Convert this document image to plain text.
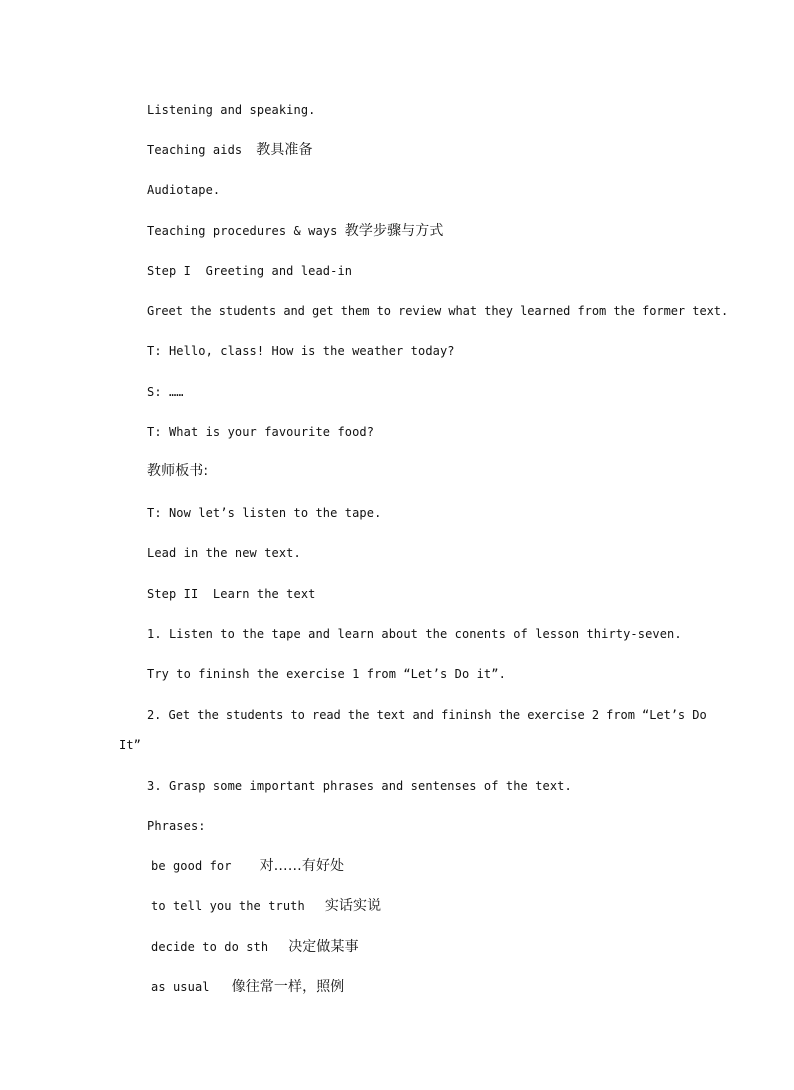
Listening and speaking.
Teaching aids 教具准备
Audiotape.
Teaching procedures & ways 教学步骤与方式
Step I  Greeting and lead-in
Greet the students and get them to review what they learned from the former text.
T: Hello, class! How is the weather today?
S: ……
T: What is your favourite food?
教师板书:
T: Now let’s listen to the tape.
Lead in the new text.
Step II  Learn the text
1. Listen to the tape and learn about the conents of lesson thirty-seven.
Try to fininsh the exercise 1 from “Let’s Do it”.
2. Get the students to read the text and fininsh the exercise 2 from “Let’s Do
It”
3. Grasp some important phrases and sentenses of the text.
Phrases:
be good for 对……有好处
to tell you the truth 实话实说
decide to do sth 决定做某事
as usual 像往常一样，照例
